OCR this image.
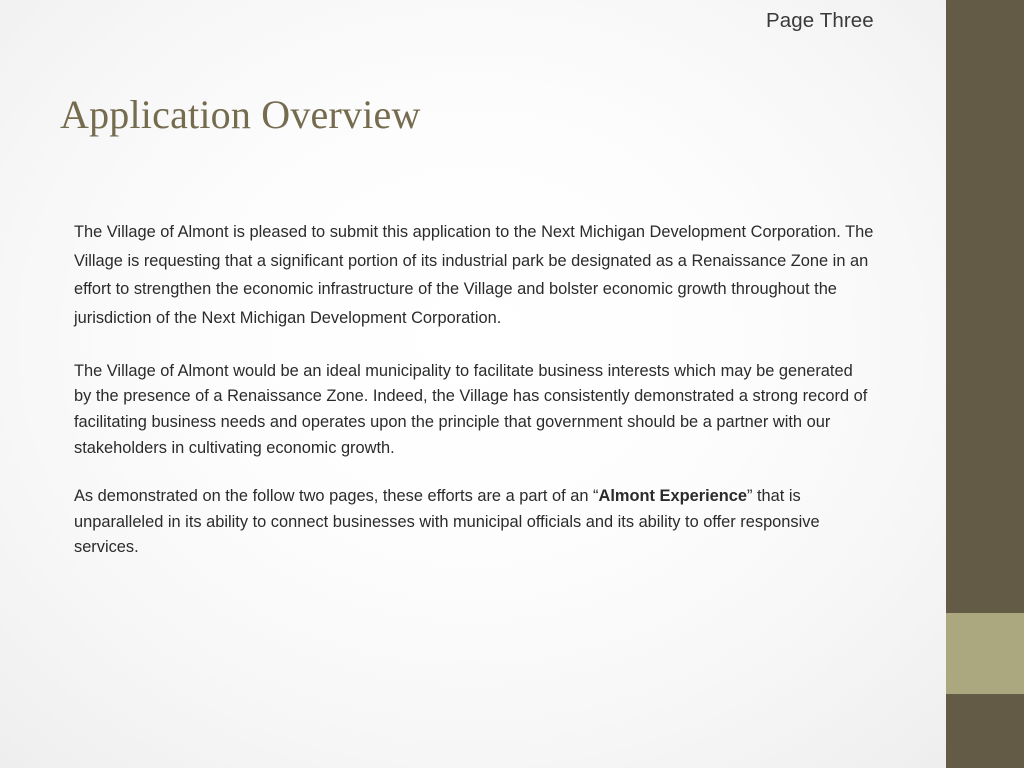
Page Three
Application Overview

The Village of Almont is pleased to submit this application to the Next Michigan Development Corporation. The Village is requesting that a significant portion of its industrial park be designated as a Renaissance Zone in an effort to strengthen the economic infrastructure of the Village and bolster economic growth throughout the jurisdiction of the Next Michigan Development Corporation.

The Village of Almont would be an ideal municipality to facilitate business interests which may be generated by the presence of a Renaissance Zone. Indeed, the Village has consistently demonstrated a strong record of facilitating business needs and operates upon the principle that government should be a partner with our stakeholders in cultivating economic growth.

As demonstrated on the follow two pages, these efforts are a part of an “Almont Experience” that is unparalleled in its ability to connect businesses with municipal officials and its ability to offer responsive services.
